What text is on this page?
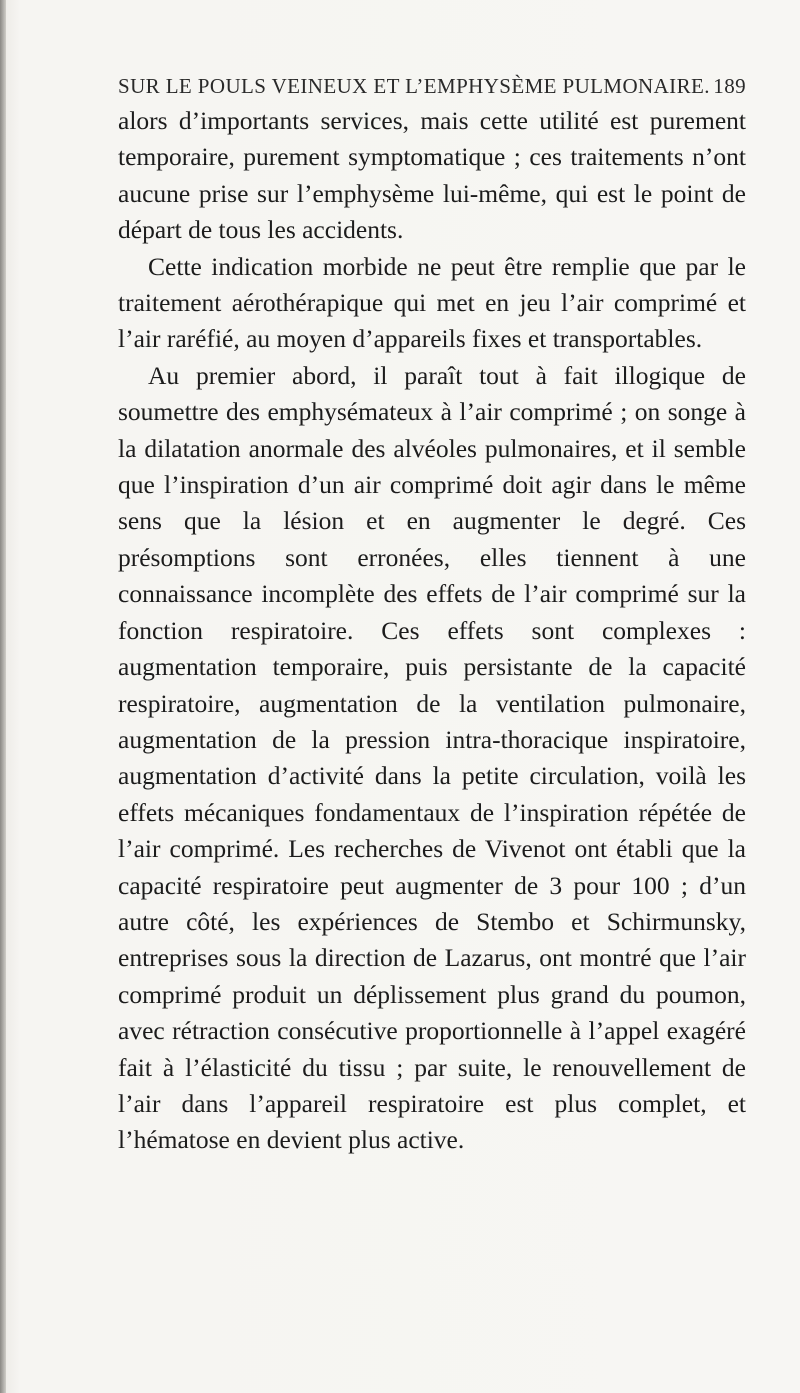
SUR LE POULS VEINEUX ET L’EMPHYSÈME PULMONAIRE. 189

alors d’importants services, mais cette utilité est purement temporaire, purement symptomatique ; ces traitements n’ont aucune prise sur l’emphysème lui-même, qui est le point de départ de tous les accidents.

Cette indication morbide ne peut être remplie que par le traitement aérothérapique qui met en jeu l’air comprimé et l’air raréfié, au moyen d’appareils fixes et transportables.

Au premier abord, il paraît tout à fait illogique de soumettre des emphysémateux à l’air comprimé ; on songe à la dilatation anormale des alvéoles pulmonaires, et il semble que l’inspiration d’un air comprimé doit agir dans le même sens que la lésion et en augmenter le degré. Ces présomptions sont erronées, elles tiennent à une connaissance incomplète des effets de l’air comprimé sur la fonction respiratoire. Ces effets sont complexes : augmentation temporaire, puis persistante de la capacité respiratoire, augmentation de la ventilation pulmonaire, augmentation de la pression intra-thoracique inspiratoire, augmentation d’activité dans la petite circulation, voilà les effets mécaniques fondamentaux de l’inspiration répétée de l’air comprimé. Les recherches de Vivenot ont établi que la capacité respiratoire peut augmenter de 3 pour 100 ; d’un autre côté, les expériences de Stembo et Schirmunsky, entreprises sous la direction de Lazarus, ont montré que l’air comprimé produit un déplissement plus grand du poumon, avec rétraction consécutive proportionnelle à l’appel exagéré fait à l’élasticité du tissu ; par suite, le renouvellement de l’air dans l’appareil respiratoire est plus complet, et l’hématose en devient plus active.
